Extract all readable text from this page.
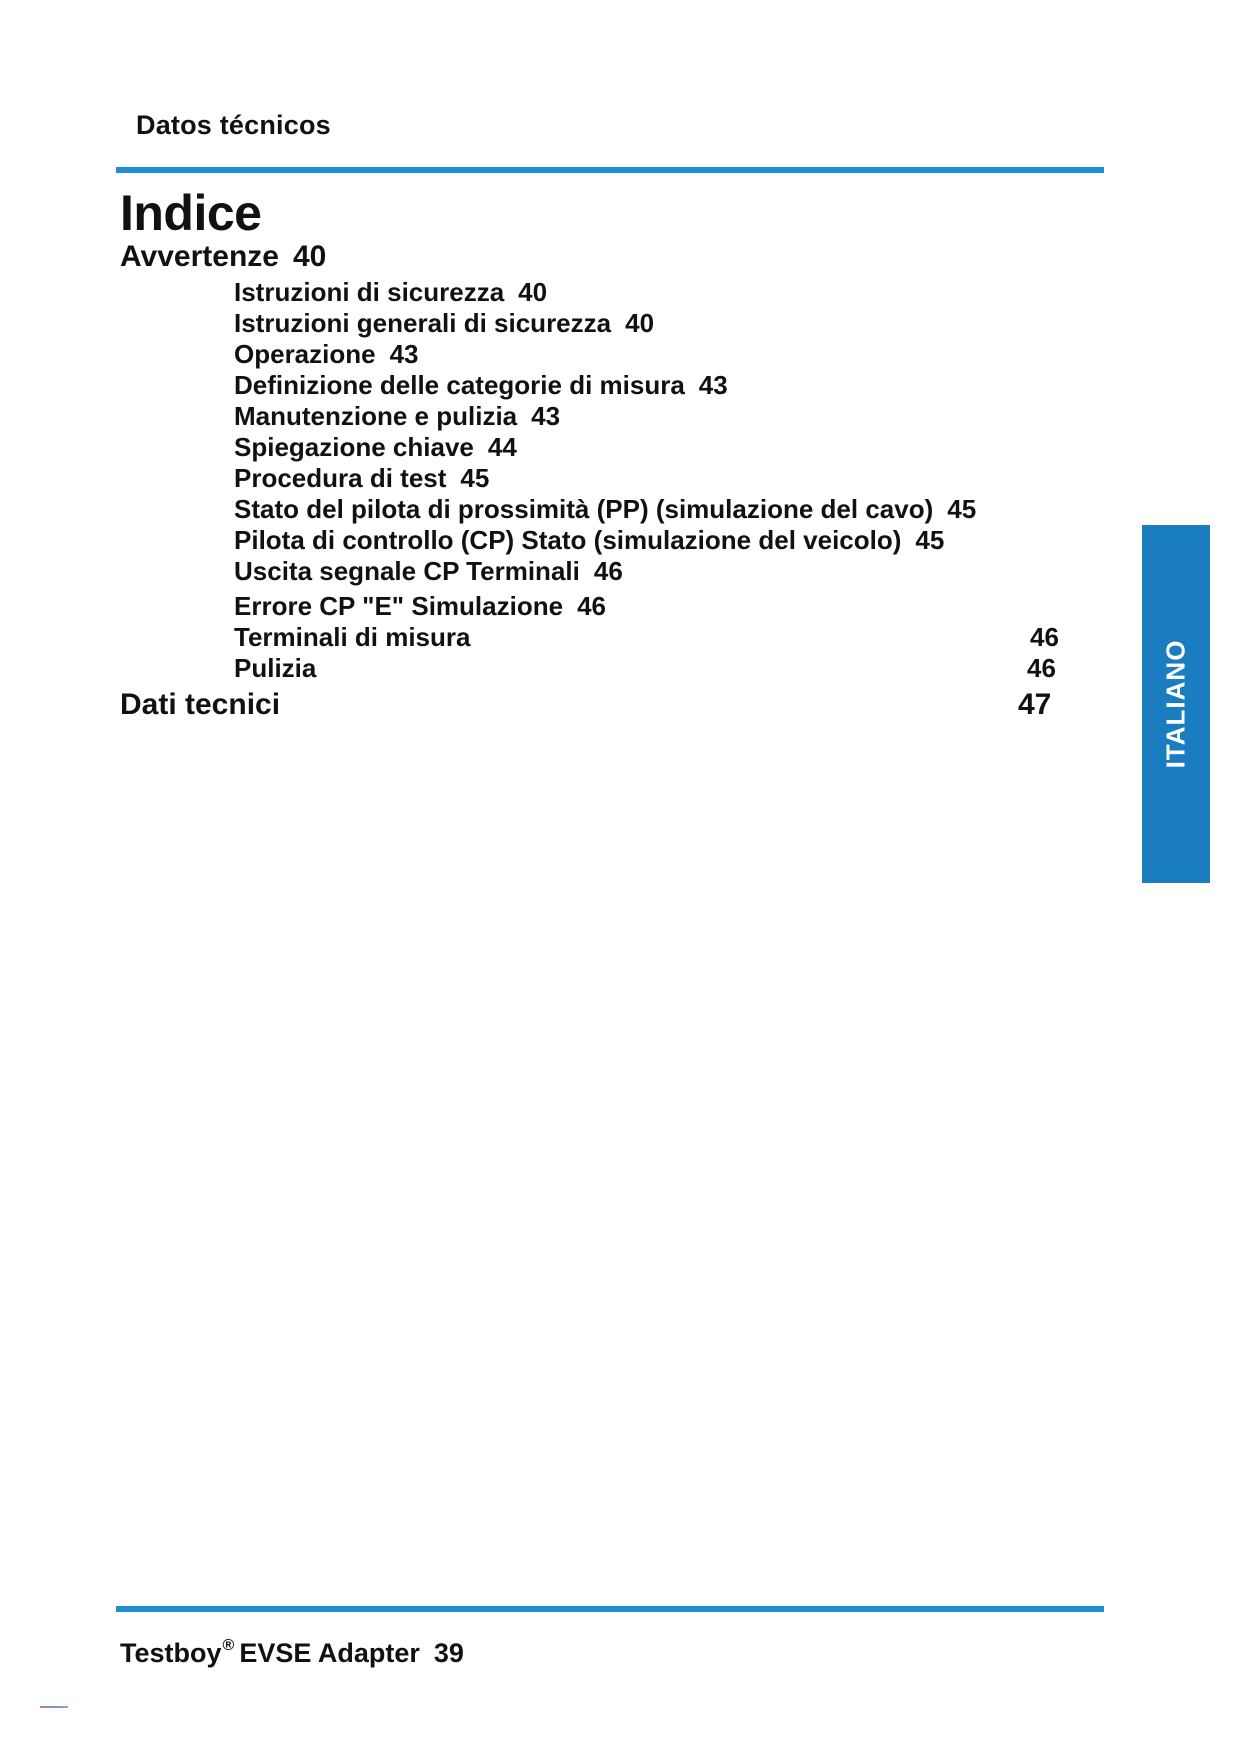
Datos técnicos
Indice
Avvertenze 40
Istruzioni di sicurezza 40
Istruzioni generali di sicurezza 40
Operazione 43
Definizione delle categorie di misura 43
Manutenzione e pulizia 43
Spiegazione chiave 44
Procedura di test 45
Stato del pilota di prossimità (PP) (simulazione del cavo) 45
Pilota di controllo (CP) Stato (simulazione del veicolo) 45
Uscita segnale CP Terminali 46
Errore CP "E" Simulazione 46
Terminali di misura	46
Pulizia	46
Dati tecnici	47	ITALIANO
Testboy® EVSE Adapter 39
